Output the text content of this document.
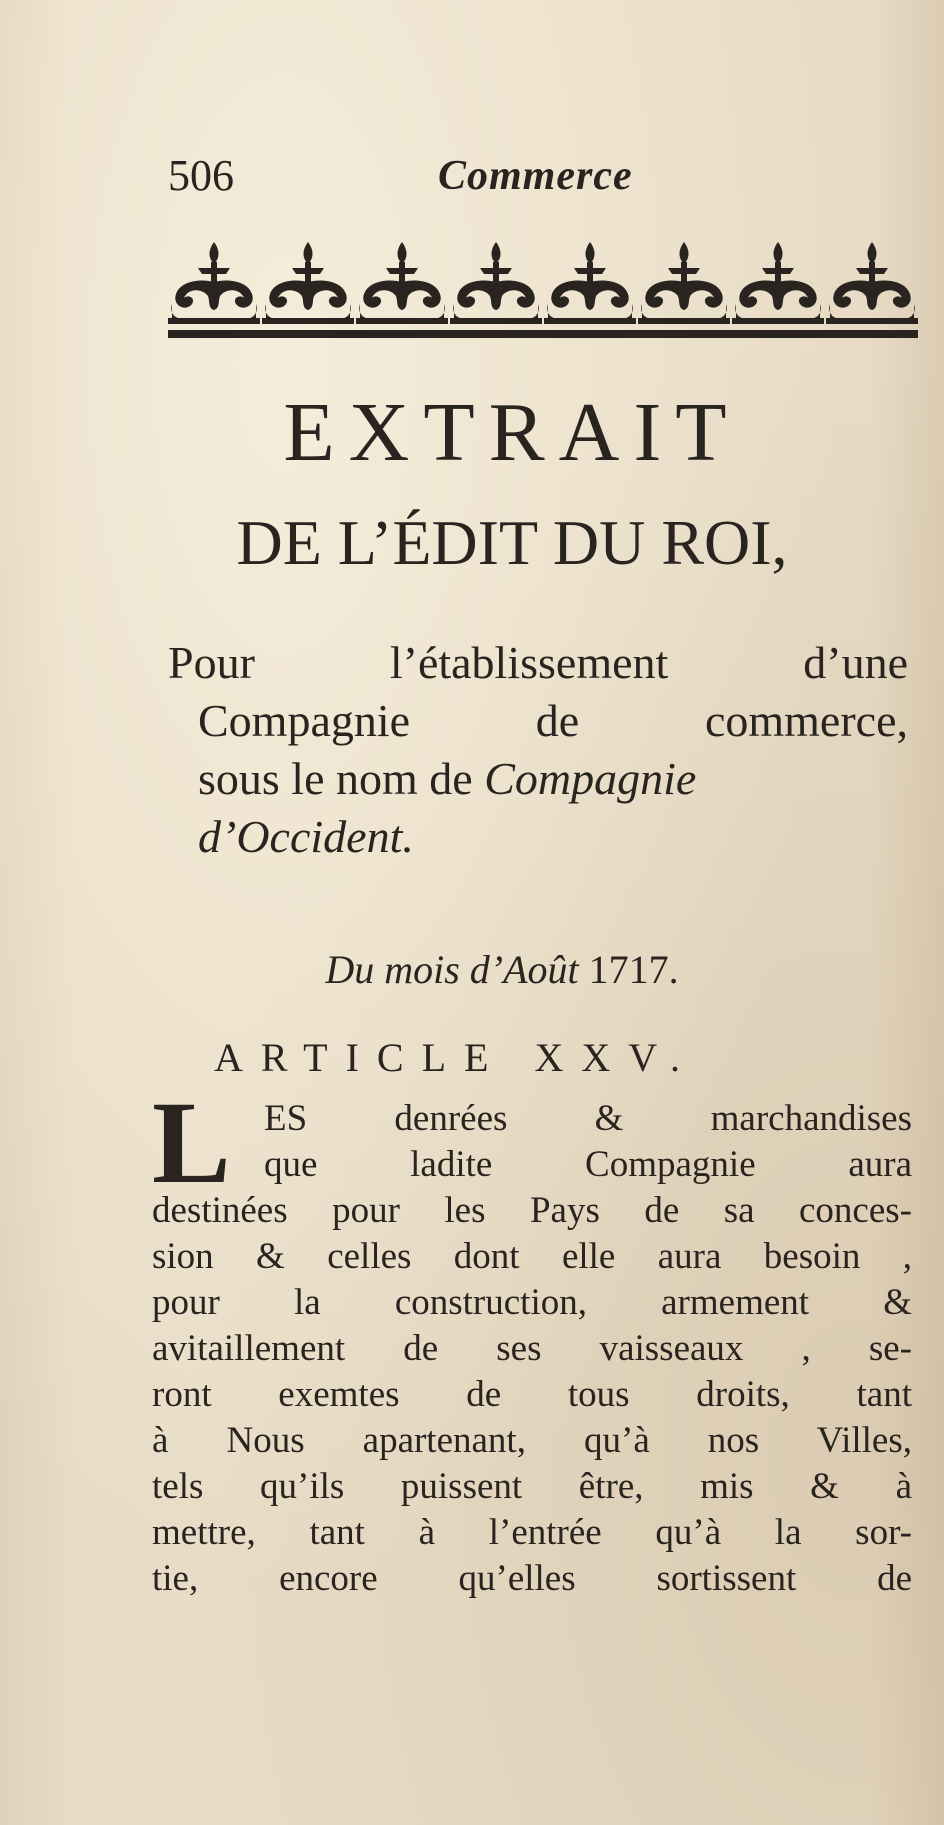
506	Commerce
EXTRAIT
DE L’ÉDIT DU ROI,
Pour l’établissement d’une
Compagnie de commerce,
sous le nom de Compagnie
d’Occident.
Du mois d’Août 1717.
ARTICLE XXV.
L ES denrées & marchandises
que ladite Compagnie aura
destinées pour les Pays de sa conces-
sion & celles dont elle aura besoin ,
pour la construction, armement &
avitaillement de ses vaisseaux , se-
ront exemtes de tous droits, tant
à Nous apartenant, qu’à nos Villes,
tels qu’ils puissent être, mis & à
mettre, tant à l’entrée qu’à la sor-
tie, encore qu’elles sortissent de
